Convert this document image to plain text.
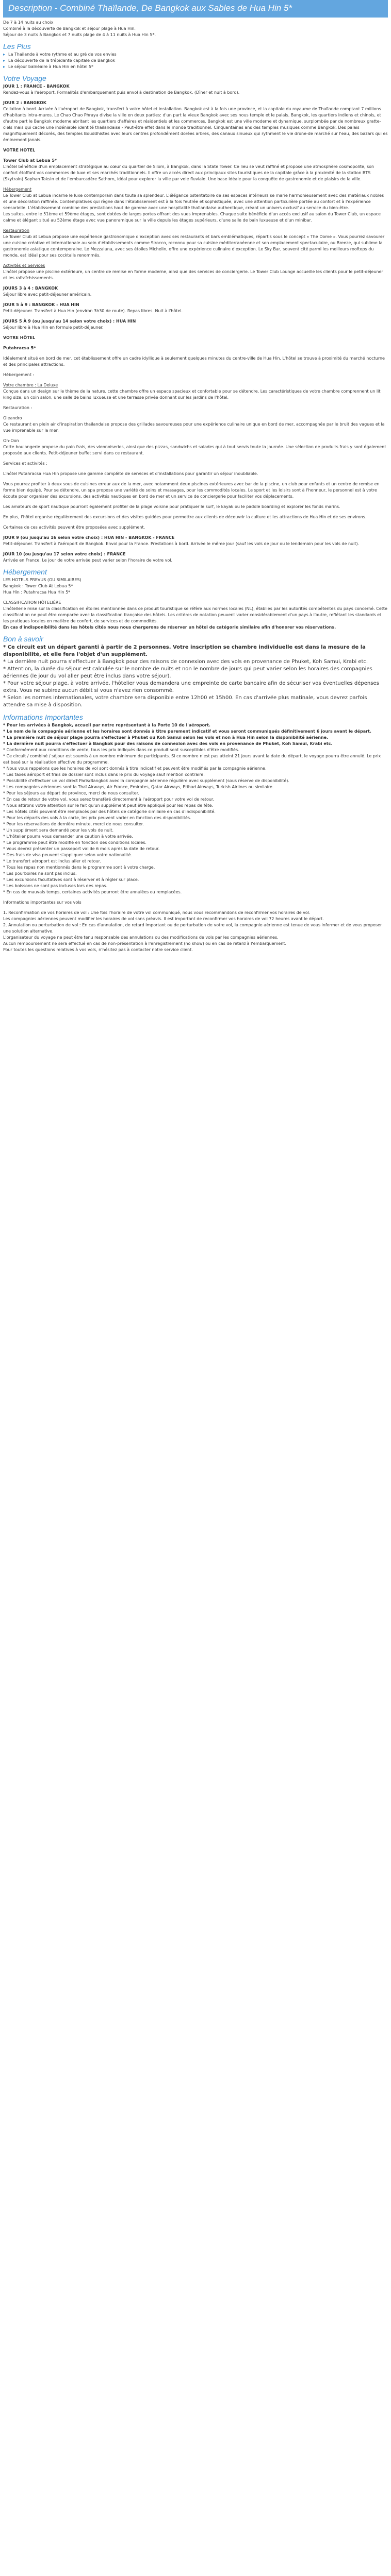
Description - Combiné Thaïlande, De Bangkok aux Sables de Hua Hin 5*

De 7 à 14 nuits au choix

Combiné à la découverte de Bangkok et séjour plage à Hua Hin.

Séjour de 3 nuits à Bangkok et 7 nuits plage de 4 à 11 nuits à Hua Hin 5*.

Les Plus
▸ La Thaïlande à votre rythme et au gré de vos envies
▸ La découverte de la trépidante capitale de Bangkok
▸ Le séjour balnéaire à Hua Hin en hôtel 5*
Votre Voyage

JOUR 1 : FRANCE - BANGKOK

Rendez-vous à l'aéroport. Formalités d'embarquement puis envol à destination de Bangkok. (Dîner et nuit à bord).

JOUR 2 : BANGKOK

Collation à bord. Arrivée à l'aéroport de Bangkok, transfert à votre hôtel et installation. Bangkok est à la fois une province, et la capitale du royaume de Thaïlande comptant 7 millions d'habitants intra-muros. Le Chao Chao Phraya divise la ville en deux parties: d'un part la vieux Bangkok avec ses nous temple et le palais. Bangkok, les quartiers indiens et chinois, et d'autre part le Bangkok moderne abritant les quartiers d'affaires et résidentiels et les commerces. Bangkok est une ville moderne et dynamique, surplombée par de nombreux gratte-ciels mais qui cache une indéniable identité thaïlandaise - Peut-être effet dans le monde traditionnel. Cinquantaines ans des temples musiques comme Bangkok. Des palais magnifiquement décorés, des temples Bouddhistes avec leurs centres profondément dorées arbres, des canaux sinueux qui rythment le vie drone-de marché sur l'eau, des bazars qui es éminement janais.

VOTRE HOTEL

Tower Club at Lebua 5*

L'hôtel bénéficie d'un emplacement stratégique au cœur du quartier de Silom, à Bangkok, dans la State Tower. Ce lieu se veut raffiné et propose une atmosphère cosmopolite, son confort étoffant vos commerces de luxe et ses marchés traditionnels. Il offre un accès direct aux principaux sites touristiques de la capitale grâce à la proximité de la station BTS (Skytrain) Saphan Taksin et de l'embarcadère Sathorn, idéal pour explorer la ville par voie fluviale. Une base idéale pour la conquête de gastronomie et de plaisirs de la ville.

Hébergement

Le Tower Club at Lebua incarne le luxe contemporain dans toute sa splendeur. L'élégance ostentatoire de ses espaces intérieurs se marie harmonieusement avec des matériaux nobles et une décoration raffinée. Contemplatives qui règne dans l'établissement est à la fois feutrée et sophistiquée, avec une attention particulière portée au confort et à l'expérience sensorielle. L'établissement combine des prestations haut de gamme avec une hospitalité thaïlandaise authentique, créant un univers exclusif au service du bien-être.

Les suites, entre le 51ème et 59ème étages, sont dotées de larges portes offrant des vues imprenables. Chaque suite bénéficie d'un accès exclusif au salon du Tower Club, un espace calme et élégant situé au 52ème étage avec vue panoramique sur la ville depuis les étages supérieurs, d'une salle de bain luxueuse et d'un minibar.

Restauration

Le Tower Club at Lebua propose une expérience gastronomique d'exception avec ses restaurants et bars emblématiques, répartis sous le concept « The Dome ». Vous pourrez savourer une cuisine créative et internationale au sein d'établissements comme Sirocco, reconnu pour sa cuisine méditerranéenne et son emplacement spectaculaire, ou Breeze, qui sublime la gastronomie asiatique contemporaine. Le Mezzaluna, avec ses étoiles Michelin, offre une expérience culinaire d'exception. Le Sky Bar, souvent cité parmi les meilleurs rooftops du monde, est idéal pour ses cocktails renommés.

Activités et Services

L'hôtel propose une piscine extérieure, un centre de remise en forme moderne, ainsi que des services de conciergerie. Le Tower Club Lounge accueille les clients pour le petit-déjeuner et les rafraîchissements.

JOURS 3 à 4 : BANGKOK

Séjour libre avec petit-déjeuner américain.

JOUR 5 à 9 : BANGKOK - HUA HIN

Petit-déjeuner. Transfert à Hua Hin (environ 3h30 de route). Repas libres. Nuit à l'hôtel.

JOURS 5 À 9 (ou jusqu'au 14 selon votre choix) : HUA HIN

Séjour libre à Hua Hin en formule petit-déjeuner.

VOTRE HÔTEL

Putahracsa 5*

Idéalement situé en bord de mer, cet établissement offre un cadre idyllique à seulement quelques minutes du centre-ville de Hua Hin. L'hôtel se trouve à proximité du marché nocturne et des principales attractions.

Hébergement :

Votre chambre : La Deluxe

Conçue dans un design sur le thème de la nature, cette chambre offre un espace spacieux et confortable pour se détendre. Les caractéristiques de votre chambre comprennent un lit king size, un coin salon, une salle de bains luxueuse et une terrasse privée donnant sur les jardins de l'hôtel.

Restauration :

Oleandro

Ce restaurant en plein air d'inspiration thaïlandaise propose des grillades savoureuses pour une expérience culinaire unique en bord de mer, accompagnée par le bruit des vagues et la vue imprenable sur la mer.

Oh-Oon

Cette boulangerie propose du pain frais, des viennoiseries, ainsi que des pizzas, sandwichs et salades qui à tout servis toute la journée. Une sélection de produits frais y sont également proposée aux clients. Petit-déjeuner buffet servi dans ce restaurant.

Services et activités :

L'hôtel Putahracsa Hua Hin propose une gamme complète de services et d'installations pour garantir un séjour inoubliable.

Vous pourrez profiter à deux sous de cuisines erreur aux de la mer, avec notamment deux piscines extérieures avec bar de la piscine, un club pour enfants et un centre de remise en forme bien équipé. Pour se détendre, un spa propose une variété de soins et massages, pour les commodités locales. Le sport et les loisirs sont à l'honneur, le personnel est à votre écoute pour organiser des excursions, des activités nautiques en bord de mer et un service de conciergerie pour faciliter vos déplacements.

Les amateurs de sport nautique pourront également profiter de la plage voisine pour pratiquer le surf, le kayak ou le paddle boarding et explorer les fonds marins.

En plus, l'hôtel organise régulièrement des excursions et des visites guidées pour permettre aux clients de découvrir la culture et les attractions de Hua Hin et de ses environs.

Certaines de ces activités peuvent être proposées avec supplément.

JOUR 9 (ou jusqu'au 16 selon votre choix) : HUA HIN - BANGKOK - FRANCE

Petit-déjeuner. Transfert à l'aéroport de Bangkok. Envol pour la France. Prestations à bord. Arrivée le même jour (sauf les vols de jour ou le lendemain pour les vols de nuit).

JOUR 10 (ou jusqu'au 17 selon votre choix) : FRANCE

Arrivée en France. Le jour de votre arrivée peut varier selon l'horaire de votre vol.

Hébergement

LES HOTELS PREVUS (OU SIMILAIRES)

Bangkok : Tower Club At Lebua 5*

Hua Hin : Putahracsa Hua Hin 5*

CLASSIFICATION HÔTELIÈRE

L'hôtellerie mise sur la classification en étoiles mentionnée dans ce produit touristique se réfère aux normes locales (NL), établies par les autorités compétentes du pays concerné. Cette classification ne peut être comparée avec la classification française des hôtels. Les critères de notation peuvent varier considérablement d'un pays à l'autre, reflétant les standards et les pratiques locales en matière de confort, de services et de commodités.

En cas d'indisponibilité dans les hôtels cités nous nous chargerons de réserver un hôtel de catégorie similaire afin d'honorer vos réservations.

Bon à savoir

* Ce circuit est un départ garanti à partir de 2 personnes. Votre inscription se chambre individuelle est dans la mesure de la disponibilité, et elle fera l'objet d'un supplément.

* La dernière nuit pourra s'effectuer à Bangkok pour des raisons de connexion avec des vols en provenance de Phuket, Koh Samui, Krabi etc.

* Attention, la durée du séjour est calculée sur le nombre de nuits et non le nombre de jours qui peut varier selon les horaires des compagnies aériennes (le jour du vol aller peut être inclus dans votre séjour).

* Pour votre séjour plage, à votre arrivée, l'hôtelier vous demandera une empreinte de carte bancaire afin de sécuriser vos éventuelles dépenses extra. Vous ne subirez aucun débit si vous n'avez rien consommé.

* Selon les normes internationales, votre chambre sera disponible entre 12h00 et 15h00. En cas d'arrivée plus matinale, vous devrez parfois attendre sa mise à disposition.

Informations Importantes

* Pour les arrivées à Bangkok, accueil par notre représentant à la Porte 10 de l'aéroport.

* Le nom de la compagnie aérienne et les horaires sont donnés à titre purement indicatif et vous seront communiqués définitivement 6 jours avant le départ.

* La première nuit de séjour plage pourra s'effectuer à Phuket ou Koh Samui selon les vols et non à Hua Hin selon la disponibilité aérienne.

* La dernière nuit pourra s'effectuer à Bangkok pour des raisons de connexion avec des vols en provenance de Phuket, Koh Samui, Krabi etc.

* Conformément aux conditions de vente, tous les prix indiqués dans ce produit sont susceptibles d'être modifiés.

* Ce circuit / combiné / séjour est soumis à un nombre minimum de participants. Si ce nombre n'est pas atteint 21 jours avant la date du départ, le voyage pourra être annulé. Le prix est basé sur la réalisation effective du programme.

* Nous vous rappelons que les horaires de vol sont donnés à titre indicatif et peuvent être modifiés par la compagnie aérienne.

* Les taxes aéroport et frais de dossier sont inclus dans le prix du voyage sauf mention contraire.

* Possibilité d'effectuer un vol direct Paris/Bangkok avec la compagnie aérienne régulière avec supplément (sous réserve de disponibilité).

* Les compagnies aériennes sont la Thaï Airways, Air France, Emirates, Qatar Airways, Etihad Airways, Turkish Airlines ou similaire.

* Pour les séjours au départ de province, merci de nous consulter.

* En cas de retour de votre vol, vous serez transféré directement à l'aéroport pour votre vol de retour.

* Nous attirons votre attention sur le fait qu'un supplément peut être appliqué pour les repas de fête.

* Les hôtels cités peuvent être remplacés par des hôtels de catégorie similaire en cas d'indisponibilité.

* Pour les départs des vols à la carte, les prix peuvent varier en fonction des disponibilités.

* Pour les réservations de dernière minute, merci de nous consulter.

* Un supplément sera demandé pour les vols de nuit.

* L'hôtelier pourra vous demander une caution à votre arrivée.

* Le programme peut être modifié en fonction des conditions locales.

* Vous devrez présenter un passeport valide 6 mois après la date de retour.

* Des frais de visa peuvent s'appliquer selon votre nationalité.

* Le transfert aéroport est inclus aller et retour.

* Tous les repas non mentionnés dans le programme sont à votre charge.

* Les pourboires ne sont pas inclus.

* Les excursions facultatives sont à réserver et à régler sur place.

* Les boissons ne sont pas incluses lors des repas.

* En cas de mauvais temps, certaines activités pourront être annulées ou remplacées.

Informations importantes sur vos vols

1. Reconfirmation de vos horaires de vol : Une fois l'horaire de votre vol communiqué, nous vous recommandons de reconfirmer vos horaires de vol.

Les compagnies aériennes peuvent modifier les horaires de vol sans préavis. Il est important de reconfirmer vos horaires de vol 72 heures avant le départ.

2. Annulation ou perturbation de vol : En cas d'annulation, de retard important ou de perturbation de votre vol, la compagnie aérienne est tenue de vous informer et de vous proposer une solution alternative.

L'organisateur du voyage ne peut être tenu responsable des annulations ou des modifications de vols par les compagnies aériennes.

Aucun remboursement ne sera effectué en cas de non-présentation à l'enregistrement (no show) ou en cas de retard à l'embarquement.

Pour toutes les questions relatives à vos vols, n'hésitez pas à contacter notre service client.
